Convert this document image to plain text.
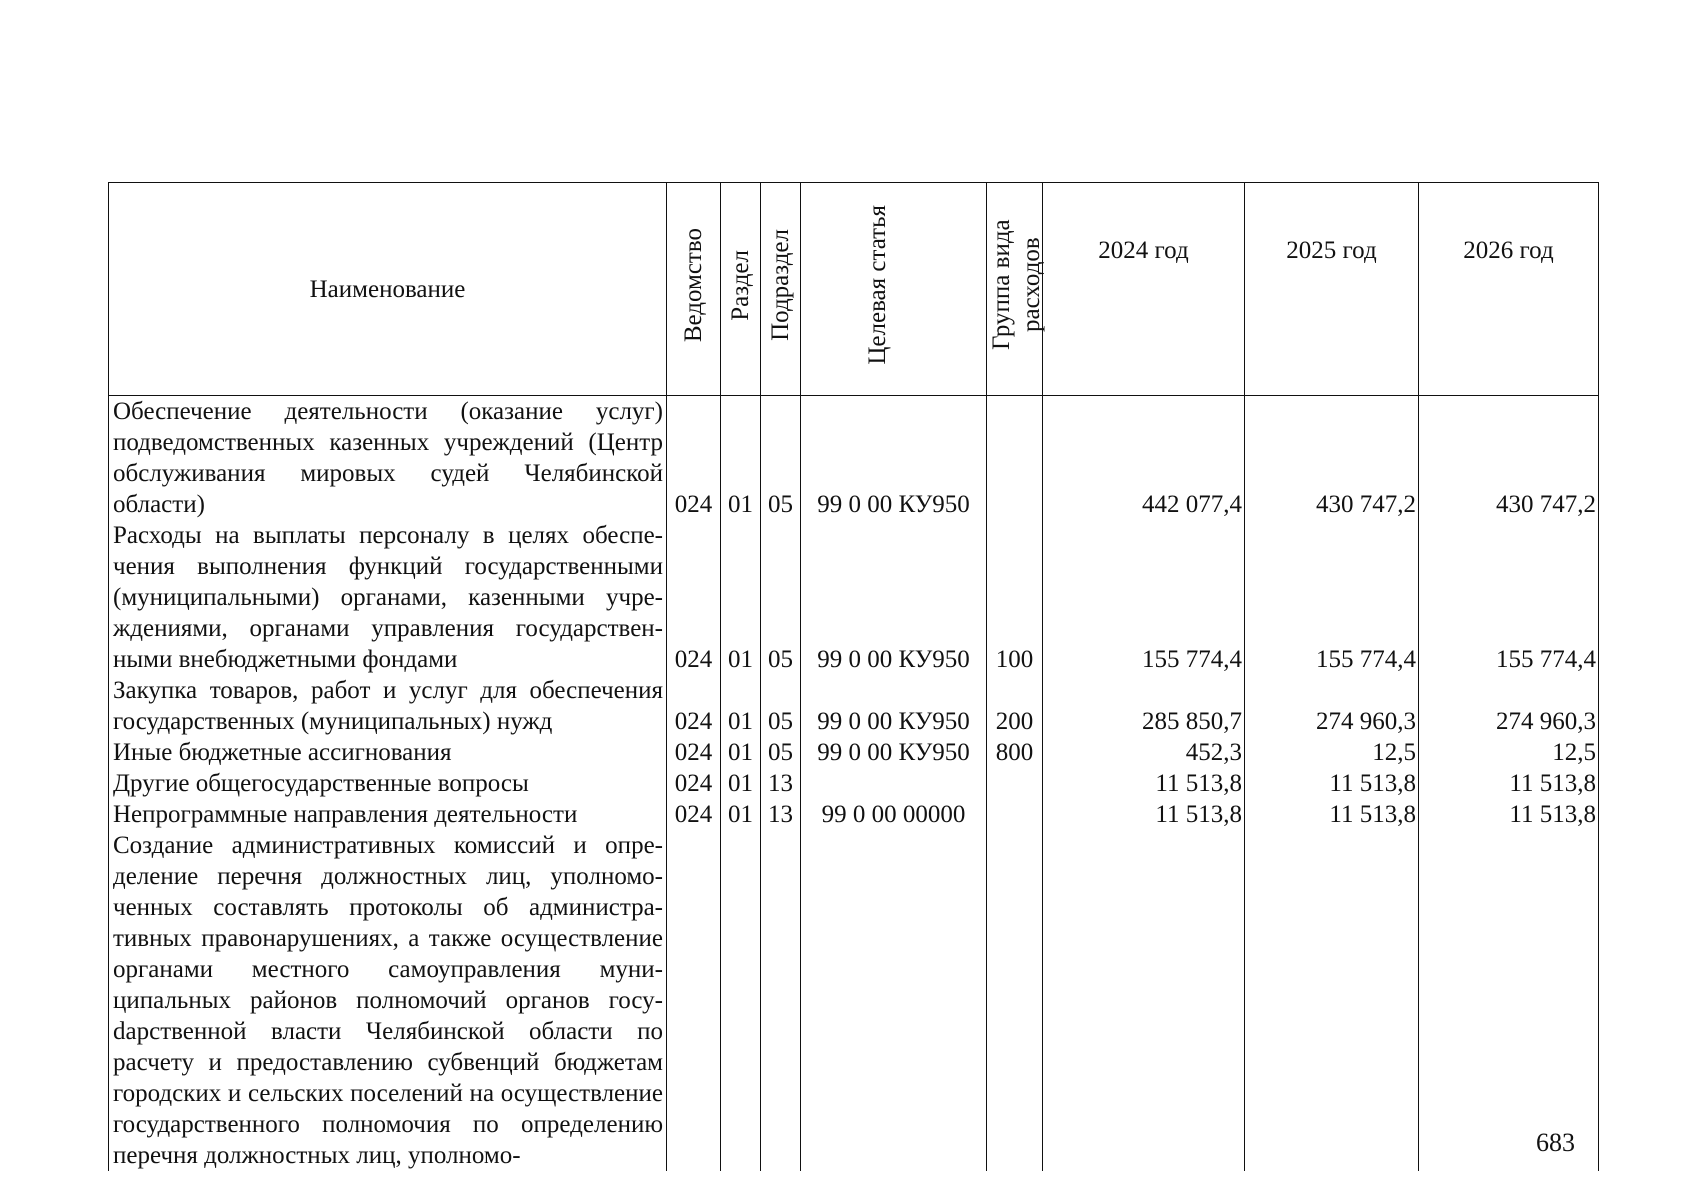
Наименование	Ведомство	Раздел	Подраздел	Целевая статья	Группа вида расходов	2024 год	2025 год	2026 год
Обеспечение деятельности (оказание услуг) подведомственных казенных учреждений (Центр обслуживания мировых судей Челябинской области)	024	01	05	99 0 00 КУ950		442 077,4	430 747,2	430 747,2
Расходы на выплаты персоналу в целях обеспечения выполнения функций государственными (муниципальными) органами, казенными учреждениями, органами управления государственными внебюджетными фондами	024	01	05	99 0 00 КУ950	100	155 774,4	155 774,4	155 774,4
Закупка товаров, работ и услуг для обеспечения государственных (муниципальных) нужд	024	01	05	99 0 00 КУ950	200	285 850,7	274 960,3	274 960,3
Иные бюджетные ассигнования	024	01	05	99 0 00 КУ950	800	452,3	12,5	12,5
Другие общегосударственные вопросы	024	01	13			11 513,8	11 513,8	11 513,8
Непрограммные направления деятельности	024	01	13	99 0 00 00000		11 513,8	11 513,8	11 513,8
Создание административных комиссий и определение перечня должностных лиц, уполномоченных составлять протоколы об административных правонарушениях, а также осуществление органами местного самоуправления муниципальных районов полномочий органов госуdарственной власти Челябинской области по расчету и предоставлению субвенций бюджетам городских и сельских поселений на осуществление государственного полномочия по определению перечня должностных лиц, уполномо-									683
